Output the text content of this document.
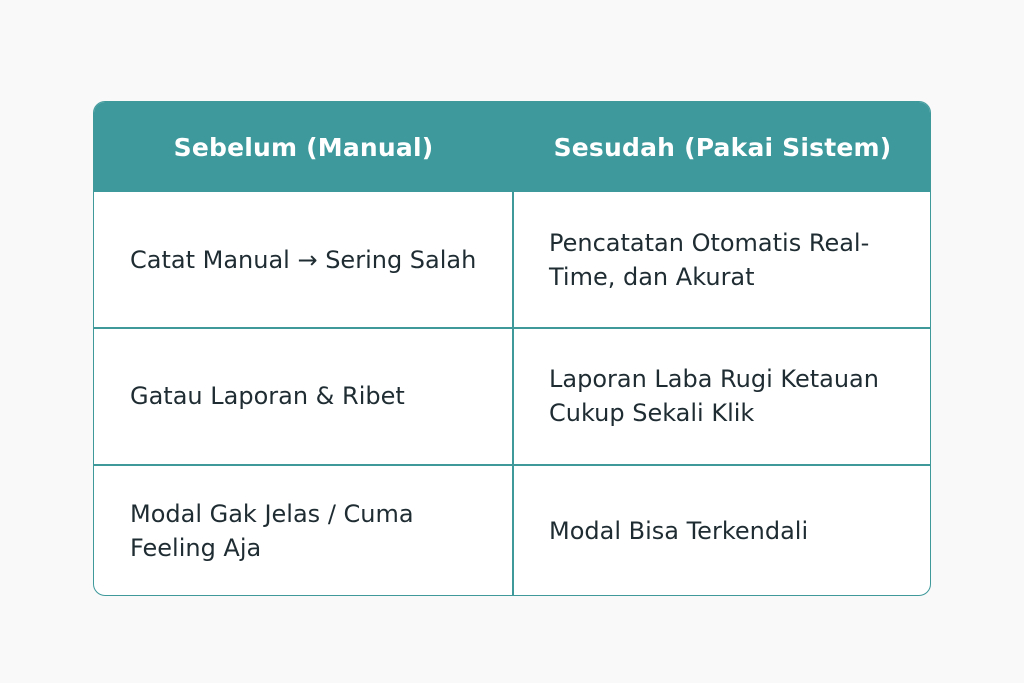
Sebelum (Manual)	Sesudah (Pakai Sistem)
Catat Manual → Sering Salah
Pencatatan Otomatis Real-Time, dan Akurat
Gatau Laporan & Ribet
Laporan Laba Rugi Ketauan Cukup Sekali Klik
Modal Gak Jelas / Cuma Feeling Aja
Modal Bisa Terkendali
